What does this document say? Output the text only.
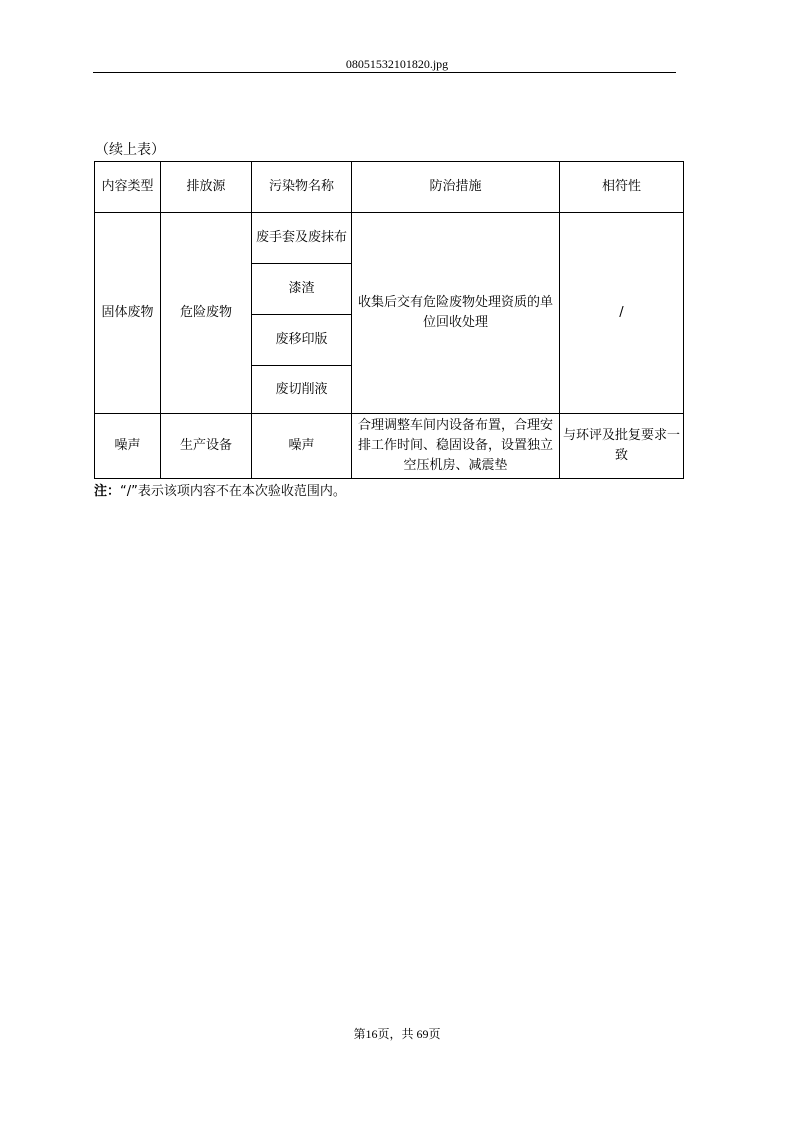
08051532101820.jpg
（续上表）
内容类型	排放源	污染物名称	防治措施	相符性
固体废物	危险废物	废手套及废抹布	收集后交有危险废物处理资质的单位回收处理	/
		漆渣		
		废移印版		
		废切削液		
噪声	生产设备	噪声	合理调整车间内设备布置，合理安排工作时间、稳固设备，设置独立空压机房、减震垫	与环评及批复要求一致
注：“/”表示该项内容不在本次验收范围内。
第16页，共 69页
